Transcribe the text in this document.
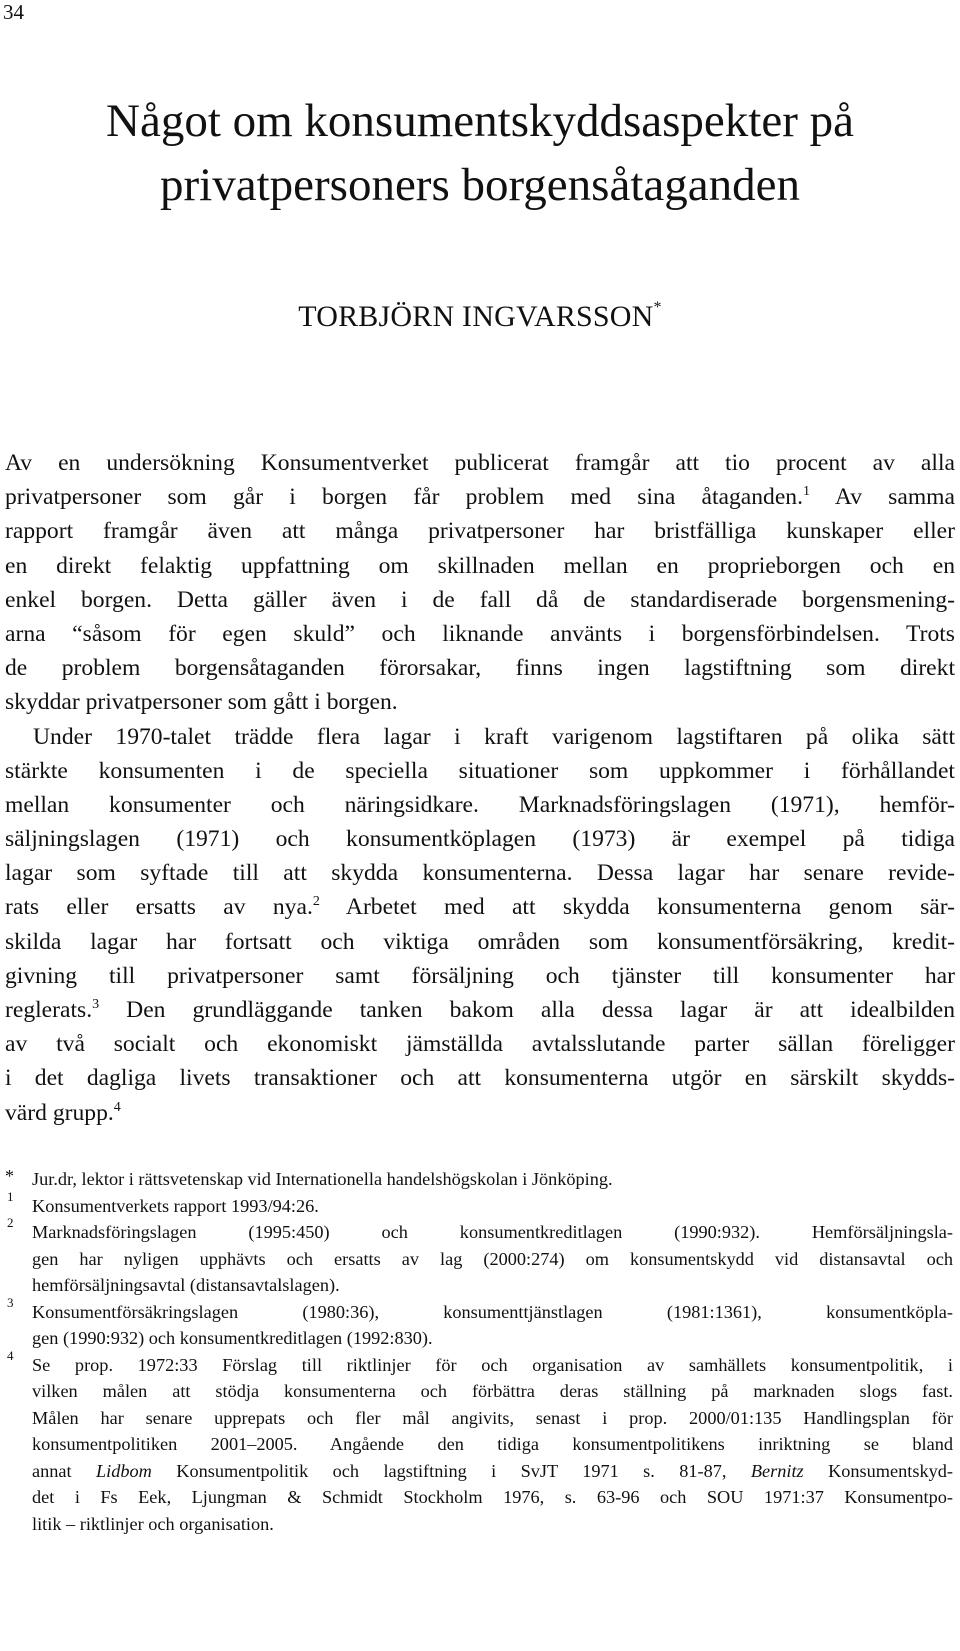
34
Något om konsumentskyddsaspekter på
privatpersoners borgensåtaganden
TORBJÖRN INGVARSSON*
Av en undersökning Konsumentverket publicerat framgår att tio procent av alla
privatpersoner som går i borgen får problem med sina åtaganden.$^1$ Av samma
rapport framgår även att många privatpersoner har bristfälliga kunskaper eller
en direkt felaktig uppfattning om skillnaden mellan en proprieborgen och en
enkel borgen. Detta gäller även i de fall då de standardiserade borgensmening-
arna “såsom för egen skuld” och liknande använts i borgensförbindelsen. Trots
de problem borgensåtaganden förorsakar, finns ingen lagstiftning som direkt
skyddar privatpersoner som gått i borgen.
Under 1970-talet trädde flera lagar i kraft varigenom lagstiftaren på olika sätt
stärkte konsumenten i de speciella situationer som uppkommer i förhållandet
mellan konsumenter och näringsidkare. Marknadsföringslagen (1971), hemför-
säljningslagen (1971) och konsumentköplagen (1973) är exempel på tidiga
lagar som syftade till att skydda konsumenterna. Dessa lagar har senare revide-
rats eller ersatts av nya.$^2$ Arbetet med att skydda konsumenterna genom sär-
skilda lagar har fortsatt och viktiga områden som konsumentförsäkring, kredit-
givning till privatpersoner samt försäljning och tjänster till konsumenter har
reglerats.$^3$ Den grundläggande tanken bakom alla dessa lagar är att idealbilden
av två socialt och ekonomiskt jämställda avtalsslutande parter sällan föreligger
i det dagliga livets transaktioner och att konsumenterna utgör en särskilt skydds-
värd grupp.$^4$
* Jur.dr, lektor i rättsvetenskap vid Internationella handelshögskolan i Jönköping.
1 Konsumentverkets rapport 1993/94:26.
2 Marknadsföringslagen (1995:450) och konsumentkreditlagen (1990:932). Hemförsäljningsla-
gen har nyligen upphävts och ersatts av lag (2000:274) om konsumentskydd vid distansavtal och
hemförsäljningsavtal (distansavtalslagen).
3 Konsumentförsäkringslagen (1980:36), konsumenttjänstlagen (1981:1361), konsumentköpla-
gen (1990:932) och konsumentkreditlagen (1992:830).
4 Se prop. 1972:33 Förslag till riktlinjer för och organisation av samhällets konsumentpolitik, i
vilken målen att stödja konsumenterna och förbättra deras ställning på marknaden slogs fast.
Målen har senare upprepats och fler mål angivits, senast i prop. 2000/01:135 Handlingsplan för
konsumentpolitiken 2001–2005. Angående den tidiga konsumentpolitikens inriktning se bland
annat Lidbom Konsumentpolitik och lagstiftning i SvJT 1971 s. 81-87, Bernitz Konsumentskyd-
det i Fs Eek, Ljungman & Schmidt Stockholm 1976, s. 63-96 och SOU 1971:37 Konsumentpo-
litik – riktlinjer och organisation.
